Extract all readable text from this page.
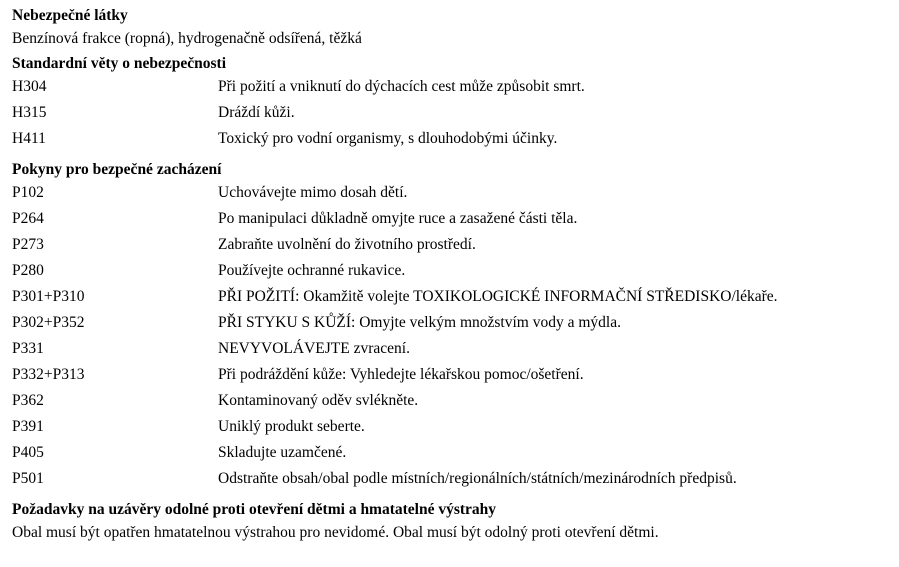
Nebezpečné látky
Benzínová frakce (ropná), hydrogenačně odsířená, těžká
Standardní věty o nebezpečnosti
H304	Při požití a vniknutí do dýchacích cest může způsobit smrt.
H315	Dráždí kůži.
H411	Toxický pro vodní organismy, s dlouhodobými účinky.
Pokyny pro bezpečné zacházení
P102	Uchovávejte mimo dosah dětí.
P264	Po manipulaci důkladně omyjte ruce a zasažené části těla.
P273	Zabraňte uvolnění do životního prostředí.
P280	Používejte ochranné rukavice.
P301+P310	PŘI POŽITÍ: Okamžitě volejte TOXIKOLOGICKÉ INFORMAČNÍ STŘEDISKO/lékaře.
P302+P352	PŘI STYKU S KŮŽÍ: Omyjte velkým množstvím vody a mýdla.
P331	NEVYVOLÁVEJTE zvracení.
P332+P313	Při podráždění kůže: Vyhledejte lékařskou pomoc/ošetření.
P362	Kontaminovaný oděv svlékněte.
P391	Uniklý produkt seberte.
P405	Skladujte uzamčené.
P501	Odstraňte obsah/obal podle místních/regionálních/státních/mezinárodních předpisů.
Požadavky na uzávěry odolné proti otevření dětmi a hmatatelné výstrahy
Obal musí být opatřen hmatatelnou výstrahou pro nevidomé. Obal musí být odolný proti otevření dětmi.
